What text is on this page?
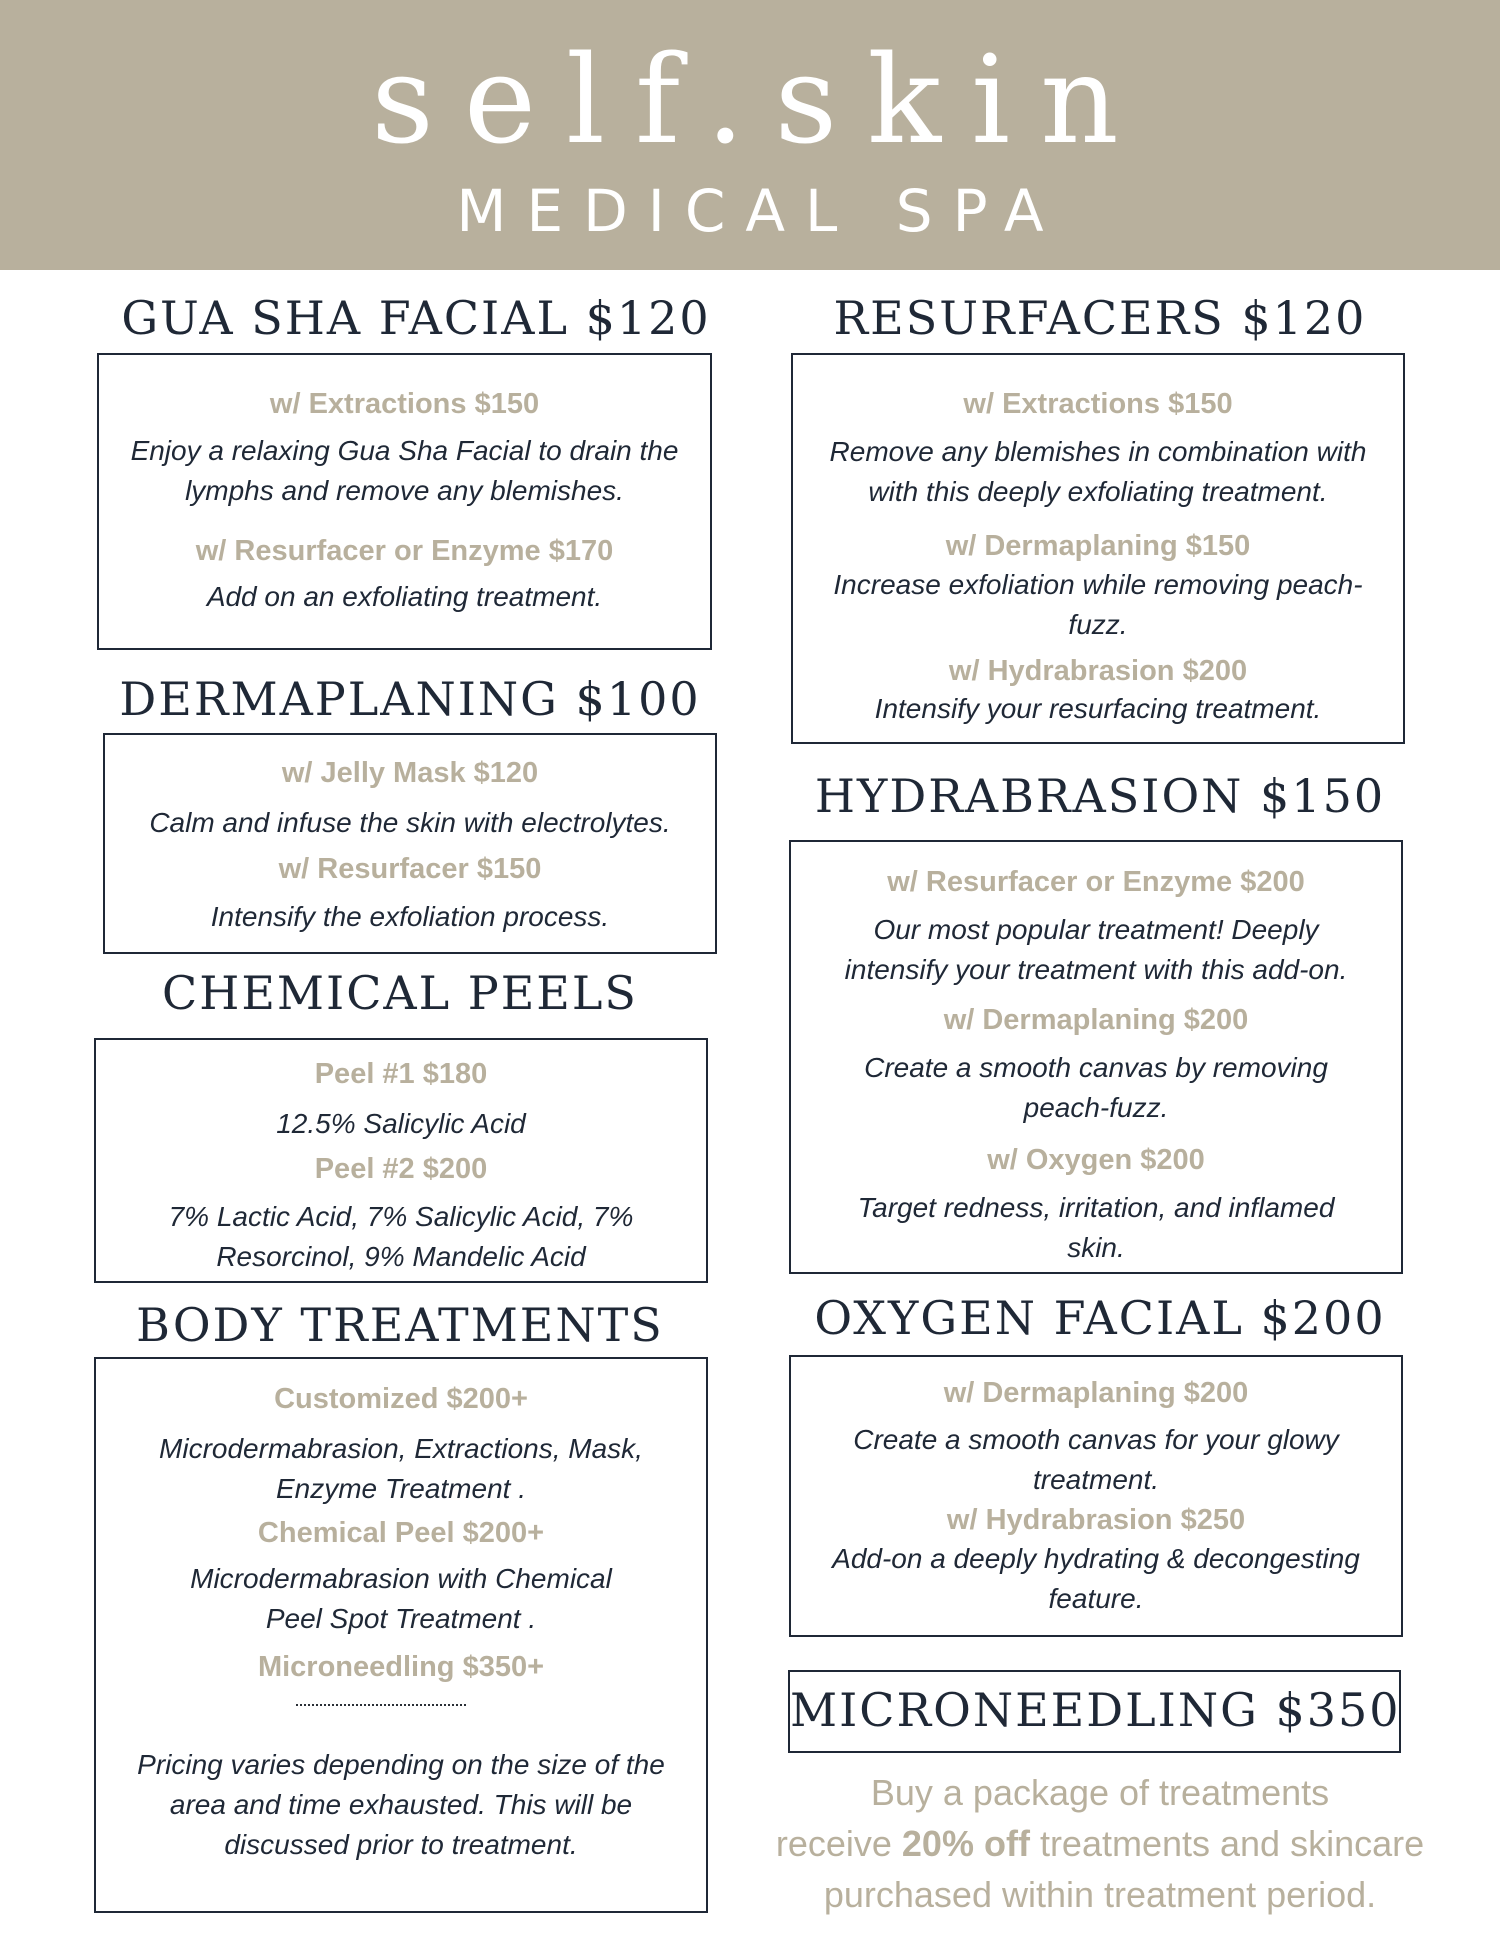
self.skin
MEDICAL SPA
GUA SHA FACIAL $120
w/ Extractions $150
Enjoy a relaxing Gua Sha Facial to drain the lymphs and remove any blemishes.
w/ Resurfacer or Enzyme $170
Add on an exfoliating treatment.
DERMAPLANING $100
w/ Jelly Mask $120
Calm and infuse the skin with electrolytes.
w/ Resurfacer $150
Intensify the exfoliation process.
CHEMICAL PEELS
Peel #1 $180
12.5% Salicylic Acid
Peel #2 $200
7% Lactic Acid, 7% Salicylic Acid, 7% Resorcinol, 9% Mandelic Acid
BODY TREATMENTS
Customized $200+
Microdermabrasion, Extractions, Mask, Enzyme Treatment .
Chemical Peel $200+
Microdermabrasion with Chemical Peel Spot Treatment .
Microneedling $350+
Pricing varies depending on the size of the area and time exhausted. This will be discussed prior to treatment.
RESURFACERS $120
w/ Extractions $150
Remove any blemishes in combination with with this deeply exfoliating treatment.
w/ Dermaplaning $150
Increase exfoliation while removing peach-fuzz.
w/ Hydrabrasion $200
Intensify your resurfacing treatment.
HYDRABRASION $150
w/ Resurfacer or Enzyme $200
Our most popular treatment! Deeply intensify your treatment with this add-on.
w/ Dermaplaning $200
Create a smooth canvas by removing peach-fuzz.
w/ Oxygen $200
Target redness, irritation, and inflamed skin.
OXYGEN FACIAL $200
w/ Dermaplaning $200
Create a smooth canvas for your glowy treatment.
w/ Hydrabrasion $250
Add-on a deeply hydrating & decongesting feature.
MICRONEEDLING $350
Buy a package of treatments
receive 20% off treatments and skincare
purchased within treatment period.
